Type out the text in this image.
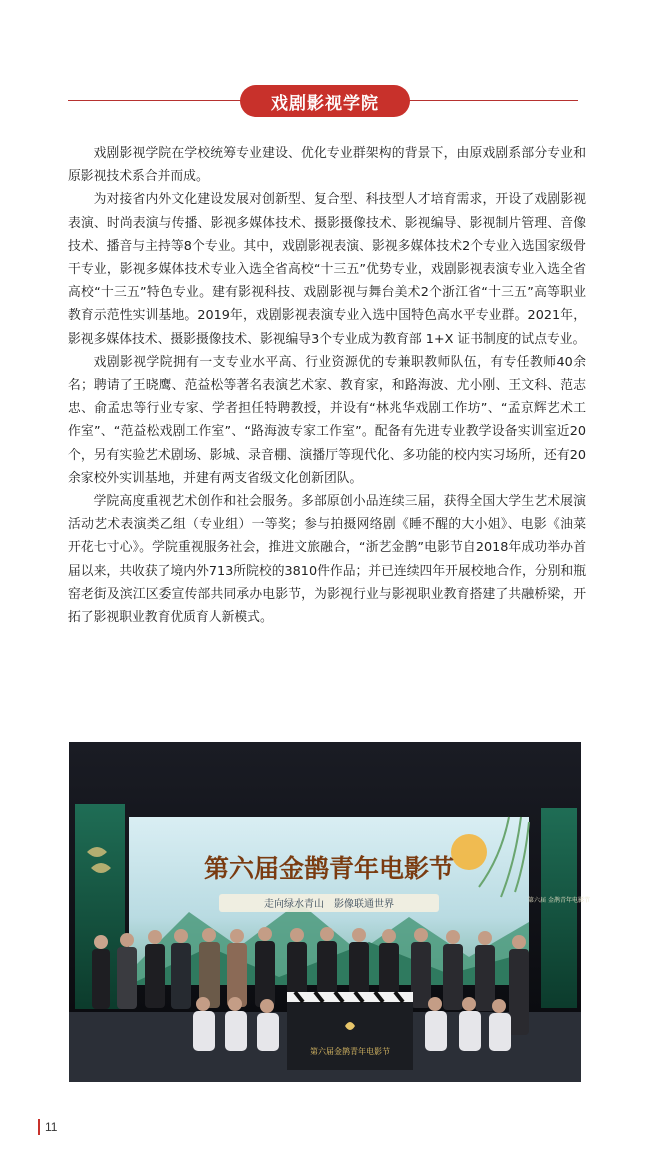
戏剧影视学院

戏剧影视学院在学校统筹专业建设、优化专业群架构的背景下，由原戏剧系部分专业和原影视技术系合并而成。

为对接省内外文化建设发展对创新型、复合型、科技型人才培育需求，开设了戏剧影视表演、时尚表演与传播、影视多媒体技术、摄影摄像技术、影视编导、影视制片管理、音像技术、播音与主持等8个专业。其中，戏剧影视表演、影视多媒体技术2个专业入选国家级骨干专业，影视多媒体技术专业入选全省高校“十三五”优势专业，戏剧影视表演专业入选全省高校“十三五”特色专业。建有影视科技、戏剧影视与舞台美术2个浙江省“十三五”高等职业教育示范性实训基地。2019年，戏剧影视表演专业入选中国特色高水平专业群。2021年，影视多媒体技术、摄影摄像技术、影视编导3个专业成为教育部 1+X 证书制度的试点专业。

戏剧影视学院拥有一支专业水平高、行业资源优的专兼职教师队伍，有专任教师40余名；聘请了王晓鹰、范益松等著名表演艺术家、教育家，和路海波、尤小刚、王文科、范志忠、俞孟忠等行业专家、学者担任特聘教授，并设有“林兆华戏剧工作坊”、“孟京辉艺术工作室”、“范益松戏剧工作室”、“路海波专家工作室”。配备有先进专业教学设备实训室近20个，另有实验艺术剧场、影城、录音棚、演播厅等现代化、多功能的校内实习场所，还有20余家校外实训基地，并建有两支省级文化创新团队。

学院高度重视艺术创作和社会服务。多部原创小品连续三届，获得全国大学生艺术展演活动艺术表演类乙组（专业组）一等奖；参与拍摄网络剧《睡不醒的大小姐》、电影《油菜开花七寸心》。学院重视服务社会，推进文旅融合，“浙艺金鹊”电影节自2018年成功举办首届以来，共收获了境内外713所院校的3810件作品；并已连续四年开展校地合作，分别和瓶窑老街及滨江区委宣传部共同承办电影节，为影视行业与影视职业教育搭建了共融桥梁，开拓了影视职业教育优质育人新模式。

第六届金鹊青年电影节
走向绿水青山　影像联通世界
第六届金鹊青年电影节
第六届 金鹊青年电影节
11
